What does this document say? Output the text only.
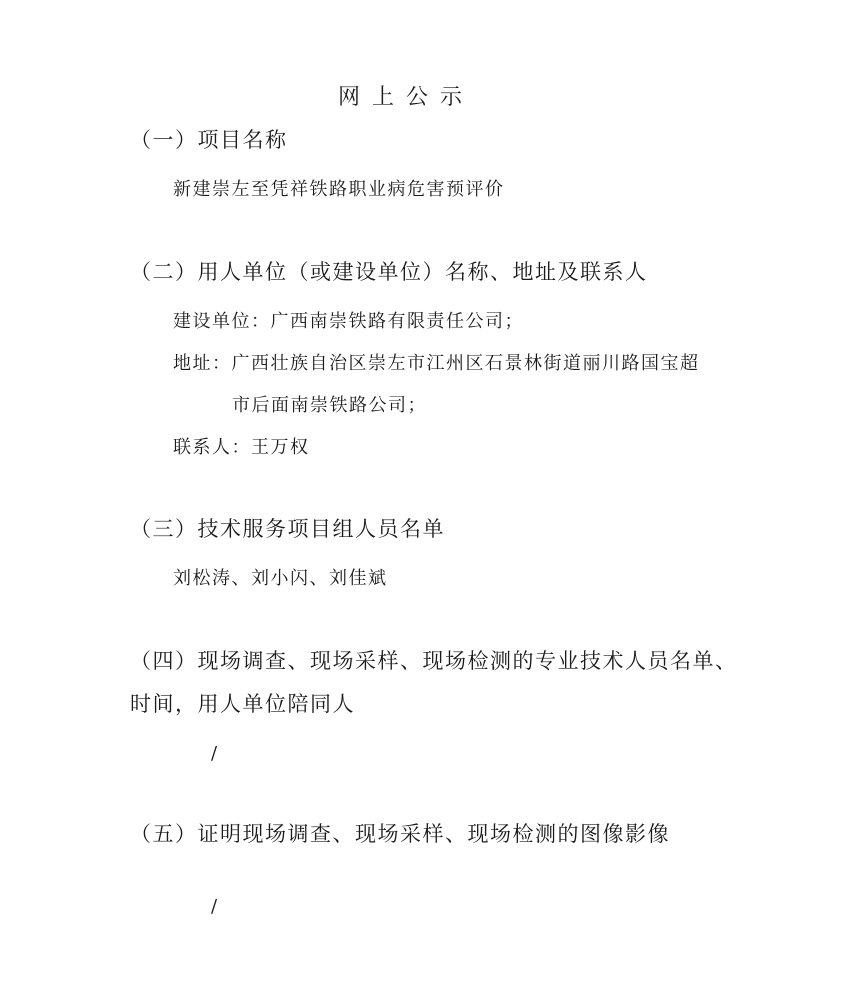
网上公示
（一）项目名称
新建崇左至凭祥铁路职业病危害预评价
（二）用人单位（或建设单位）名称、地址及联系人
建设单位：广西南崇铁路有限责任公司；
地址：广西壮族自治区崇左市江州区石景林街道丽川路国宝超
市后面南崇铁路公司；
联系人：王万权
（三）技术服务项目组人员名单
刘松涛、刘小闪、刘佳斌
（四）现场调查、现场采样、现场检测的专业技术人员名单、
时间，用人单位陪同人
/
（五）证明现场调查、现场采样、现场检测的图像影像
/
